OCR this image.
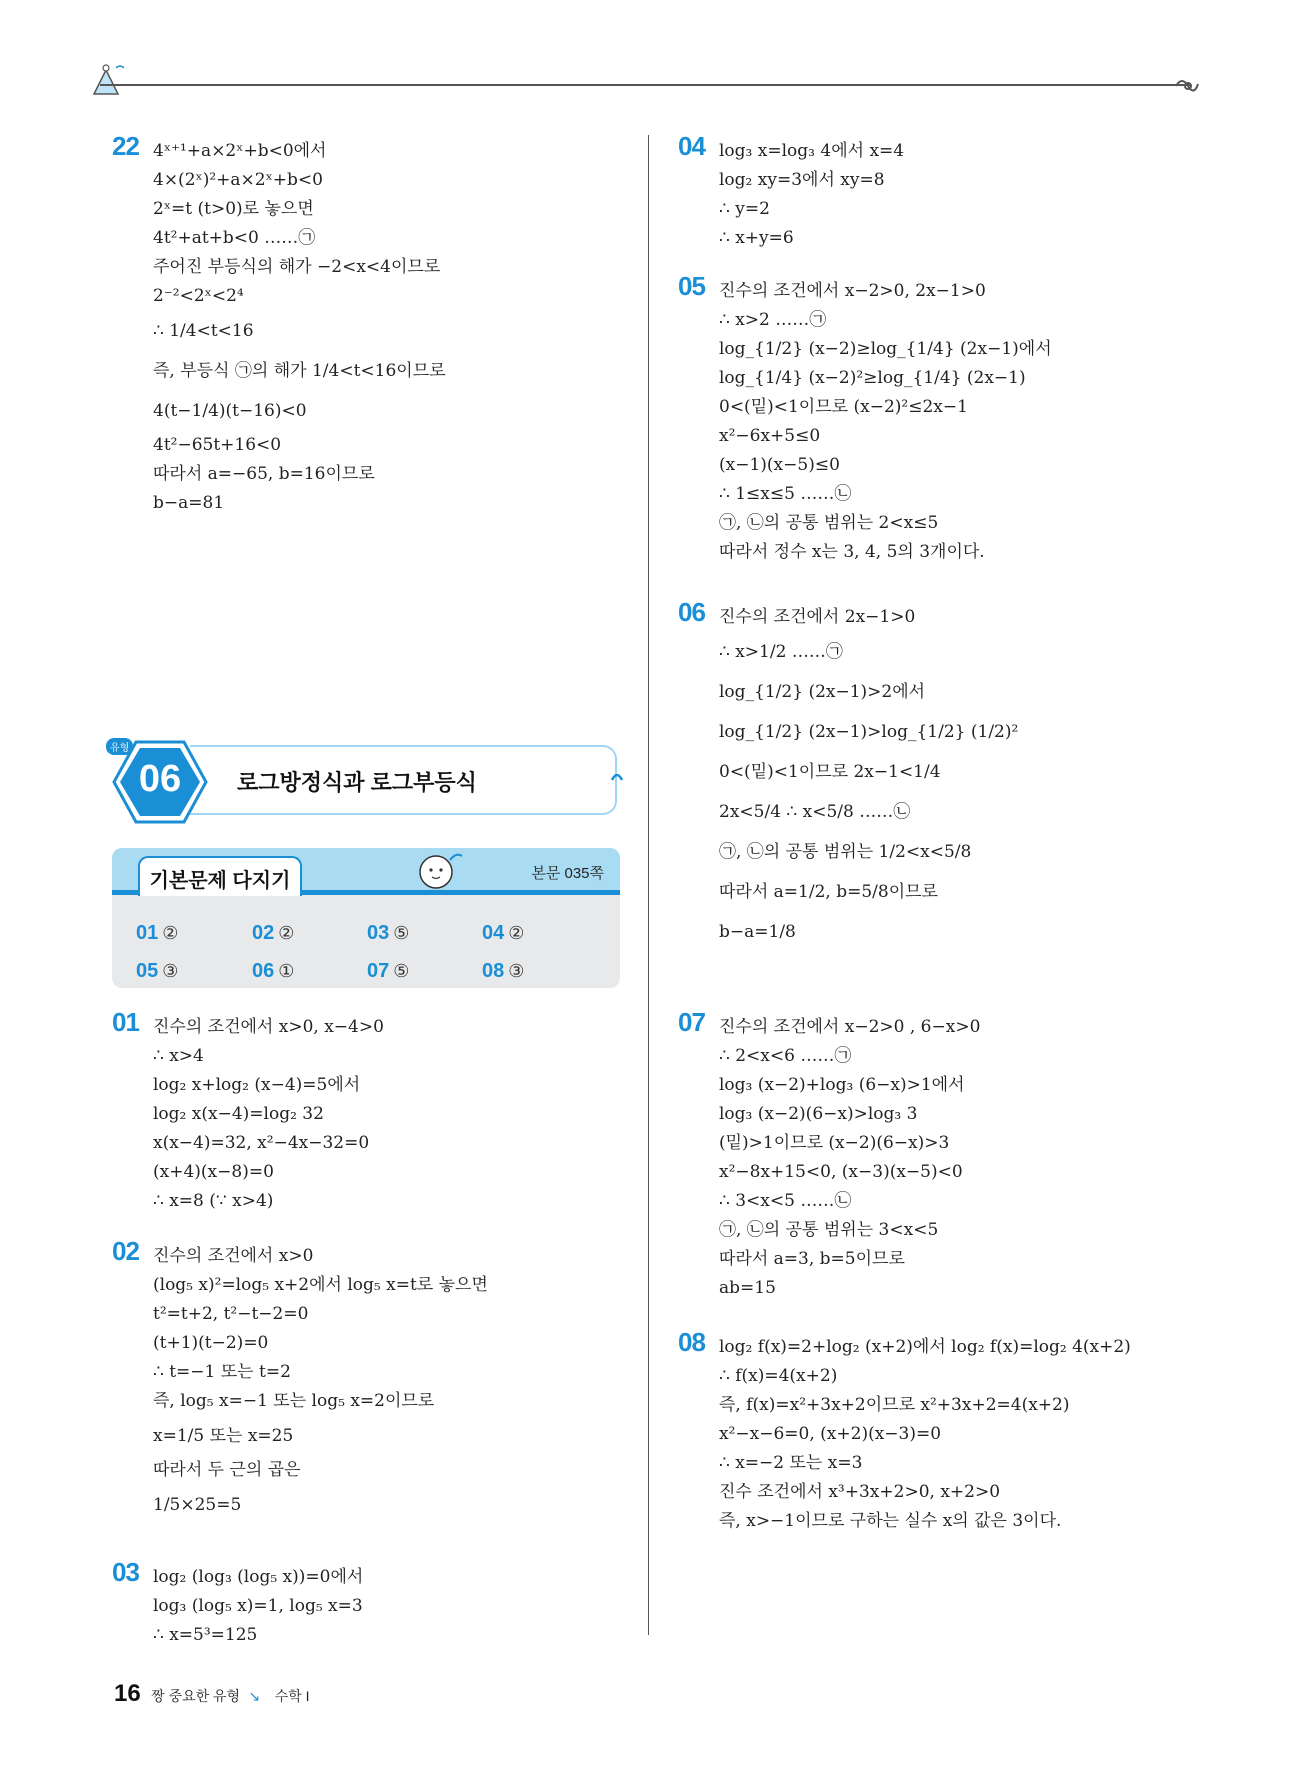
22 4ˣ⁺¹+a×2ˣ+b<0에서
4×(2ˣ)²+a×2ˣ+b<0
2ˣ=t (t>0)로 놓으면
4t²+at+b<0 ……㉠
주어진 부등식의 해가 −2<x<4이므로
2⁻²<2ˣ<2⁴
∴ 1/4<t<16
즉, 부등식 ㉠의 해가 1/4<t<16이므로
4(t−1/4)(t−16)<0
4t²−65t+16<0
따라서 a=−65, b=16이므로
b−a=81
06
유형
로그방정식과 로그부등식
기본문제 다지기	본문 035쪽
01 ②	02 ②	03 ⑤	04 ②
05 ③	06 ①	07 ⑤	08 ③
01 진수의 조건에서 x>0, x−4>0
∴ x>4
log₂ x+log₂ (x−4)=5에서
log₂ x(x−4)=log₂ 32
x(x−4)=32, x²−4x−32=0
(x+4)(x−8)=0
∴ x=8 (∵ x>4)
02 진수의 조건에서 x>0
(log₅ x)²=log₅ x+2에서 log₅ x=t로 놓으면
t²=t+2, t²−t−2=0
(t+1)(t−2)=0
∴ t=−1 또는 t=2
즉, log₅ x=−1 또는 log₅ x=2이므로
x=1/5 또는 x=25
따라서 두 근의 곱은
1/5×25=5
03 log₂ (log₃ (log₅ x))=0에서
log₃ (log₅ x)=1, log₅ x=3
∴ x=5³=125
04 log₃ x=log₃ 4에서 x=4
log₂ xy=3에서 xy=8
∴ y=2
∴ x+y=6
05 진수의 조건에서 x−2>0, 2x−1>0
∴ x>2 ……㉠
log_{1/2} (x−2)≥log_{1/4} (2x−1)에서
log_{1/4} (x−2)²≥log_{1/4} (2x−1)
0<(밑)<1이므로 (x−2)²≤2x−1
x²−6x+5≤0
(x−1)(x−5)≤0
∴ 1≤x≤5 ……㉡
㉠, ㉡의 공통 범위는 2<x≤5
따라서 정수 x는 3, 4, 5의 3개이다.
06 진수의 조건에서 2x−1>0
∴ x>1/2 ……㉠
log_{1/2} (2x−1)>2에서
log_{1/2} (2x−1)>log_{1/2} (1/2)²
0<(밑)<1이므로 2x−1<1/4
2x<5/4 ∴ x<5/8 ……㉡
㉠, ㉡의 공통 범위는 1/2<x<5/8
따라서 a=1/2, b=5/8이므로
b−a=1/8
07 진수의 조건에서 x−2>0 , 6−x>0
∴ 2<x<6 ……㉠
log₃ (x−2)+log₃ (6−x)>1에서
log₃ (x−2)(6−x)>log₃ 3
(밑)>1이므로 (x−2)(6−x)>3
x²−8x+15<0, (x−3)(x−5)<0
∴ 3<x<5 ……㉡
㉠, ㉡의 공통 범위는 3<x<5
따라서 a=3, b=5이므로
ab=15
08 log₂ f(x)=2+log₂ (x+2)에서 log₂ f(x)=log₂ 4(x+2)
∴ f(x)=4(x+2)
즉, f(x)=x²+3x+2이므로 x²+3x+2=4(x+2)
x²−x−6=0, (x+2)(x−3)=0
∴ x=−2 또는 x=3
진수 조건에서 x³+3x+2>0, x+2>0
즉, x>−1이므로 구하는 실수 x의 값은 3이다.
16 짱 중요한 유형 ↘ 수학 I
